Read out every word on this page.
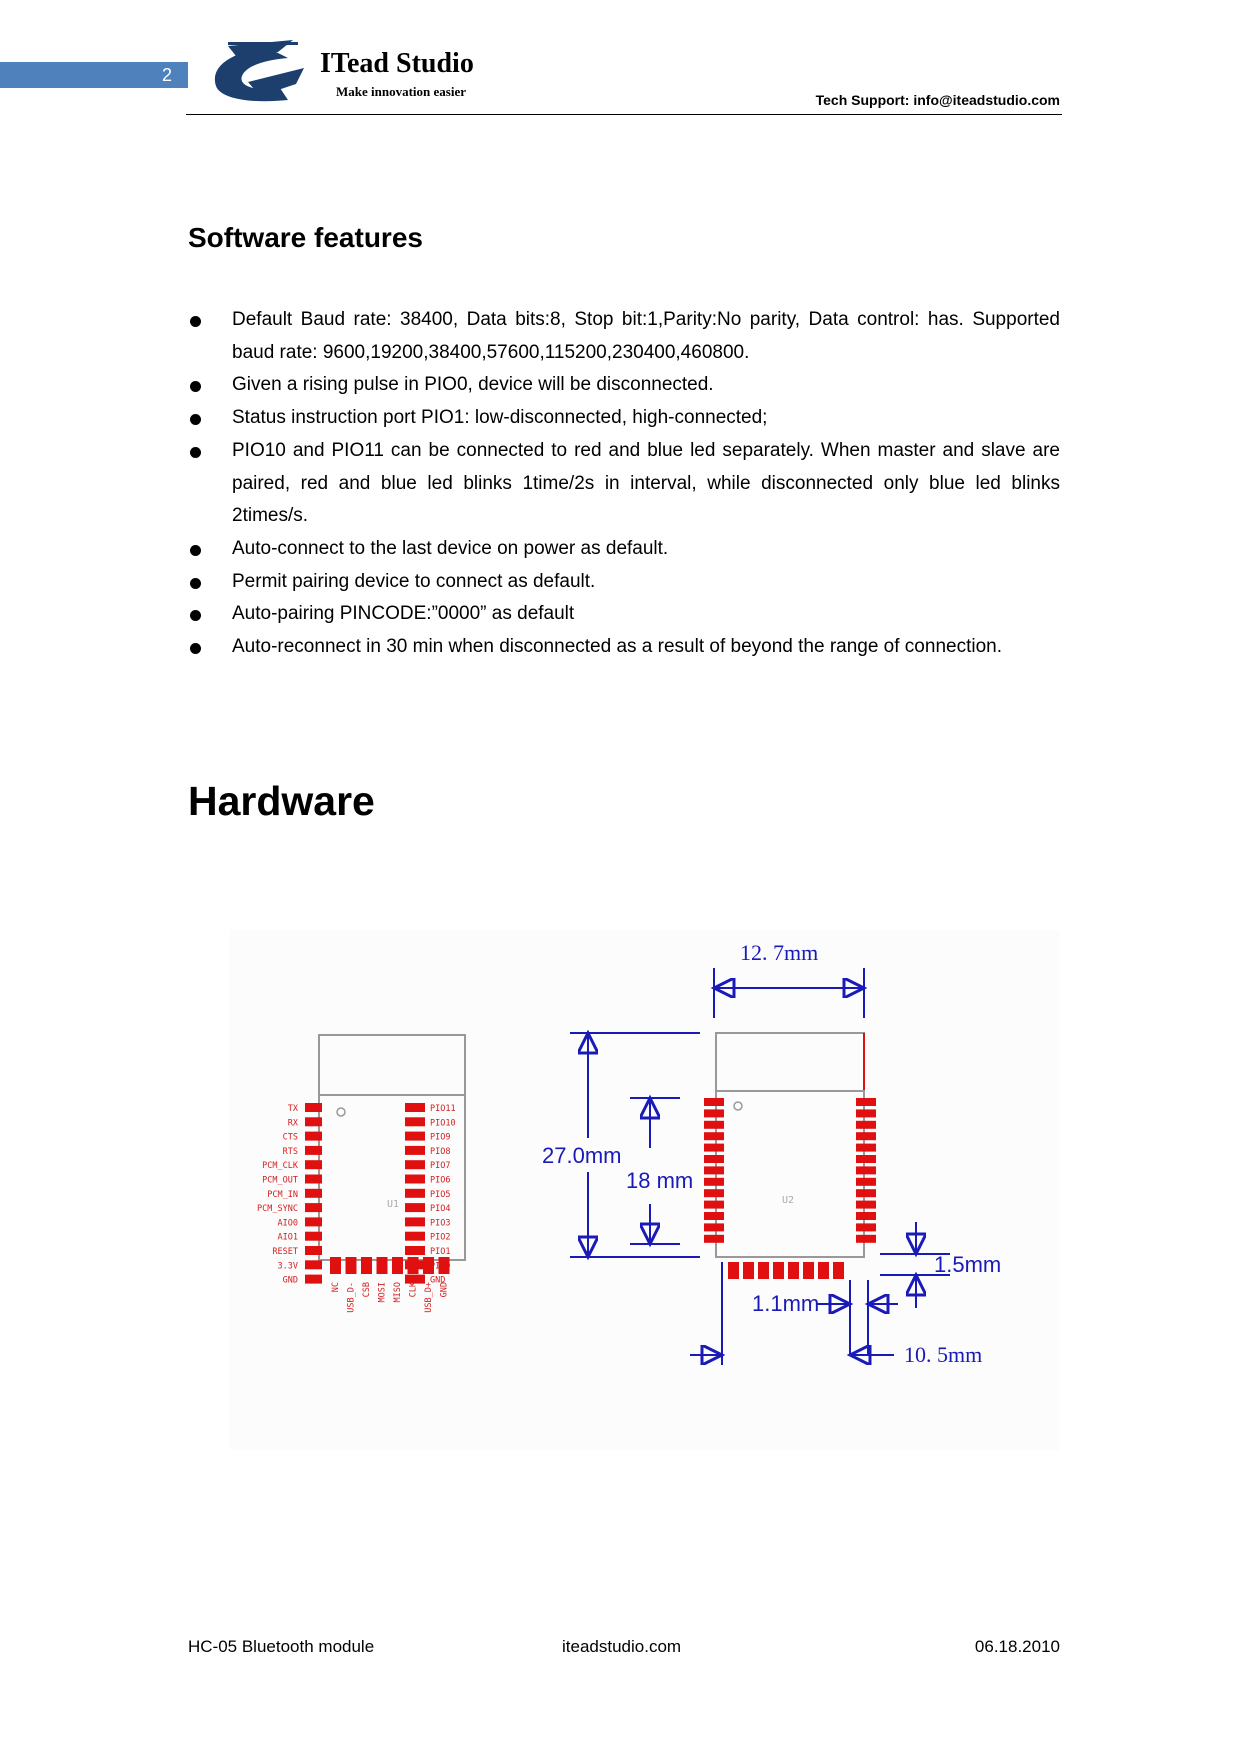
2	ITead Studio
Make innovation easier
Tech Support: info@iteadstudio.com
Software features
Default Baud rate: 38400, Data bits:8, Stop bit:1,Parity:No parity, Data control: has. Supported baud rate: 9600,19200,38400,57600,115200,230400,460800.
Given a rising pulse in PIO0, device will be disconnected.
Status instruction port PIO1: low-disconnected, high-connected;
PIO10 and PIO11 can be connected to red and blue led separately. When master and slave are paired, red and blue led blinks 1time/2s in interval, while disconnected only blue led blinks 2times/s.
Auto-connect to the last device on power as default.
Permit pairing device to connect as default.
Auto-pairing PINCODE:”0000” as default
Auto-reconnect in 30 min when disconnected as a result of beyond the range of connection.
Hardware
U1
TX
RX
CTS
RTS
PCM_CLK
PCM_OUT
PCM_IN
PCM_SYNC
AIO0
AIO1
RESET
3.3V
GND
PIO11
PIO10
PIO9
PIO8
PIO7
PIO6
PIO5
PIO4
PIO3
PIO2
PIO1
GND
NC USB_D- CSB MOSI MISO CLK USB_D+ GND
U2
12. 7mm
27.0mm
18 mm
1.5mm
1.1mm
10. 5mm
HC-05 Bluetooth module	iteadstudio.com	06.18.2010
